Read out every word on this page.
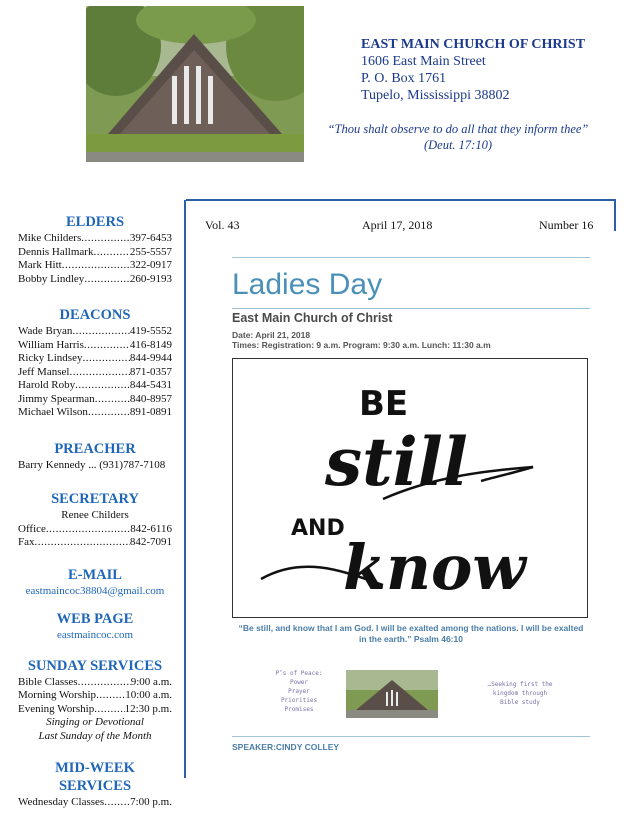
EAST MAIN CHURCH OF CHRIST
1606 East Main Street
P. O. Box 1761
Tupelo, Mississippi 38802
“Thou shalt observe to do all that they inform thee”
(Deut. 17:10)
Vol. 43	April 17, 2018	Number 16
ELDERS
Mike Childers .....	397-6453
Dennis Hallmark .....	255-5557
Mark Hitt .....	322-0917
Bobby Lindley .....	260-9193
DEACONS
Wade Bryan .....	419-5552
William Harris .....	416-8149
Ricky Lindsey .....	844-9944
Jeff Mansel .....	871-0357
Harold Roby .....	844-5431
Jimmy Spearman .....	840-8957
Michael Wilson .....	891-0891
PREACHER
Barry Kennedy ... (931)787-7108
SECRETARY
Renee Childers
Office .....	842-6116
Fax .....	842-7091
E-MAIL
eastmaincoc38804@gmail.com
WEB PAGE
eastmaincoc.com
SUNDAY SERVICES
Bible Classes .....	9:00 a.m.
Morning Worship .....	10:00 a.m.
Evening Worship .....	12:30 p.m.
Singing or Devotional
Last Sunday of the Month
MID-WEEK
SERVICES
Wednesday Classes ..... 7:00 p.m.
Ladies Day
East Main Church of Christ
Date: April 21, 2018
Times: Registration: 9 a.m. Program: 9:30 a.m. Lunch: 11:30 a.m
BE
still
AND
know
“Be still, and know that I am God. I will be exalted among the nations. I will be exalted
in the earth.” Psalm 46:10
P’s of Peace:
Power
Prayer
Priorities
Promises
…Seeking first the
kingdom through
Bible study
SPEAKER:CINDY COLLEY
